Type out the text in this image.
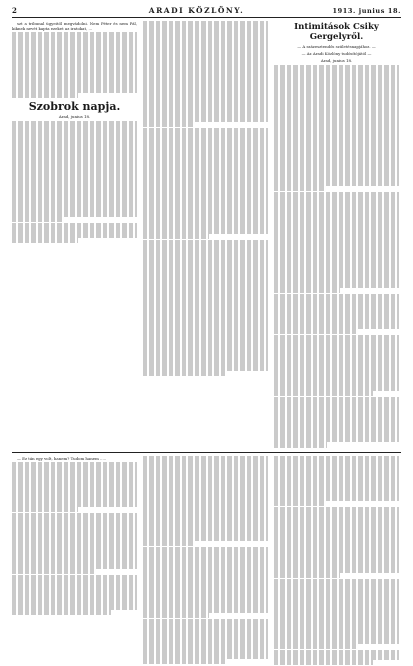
2	ARADI KÖZLÖNY.	1913. junius 18.

szt a tribunal ügyeitől megvádolni. Nem Péter és nem Pál, kiknek nevét kapta ezeket az iratokat, ...

Szobrok napja.
Arad, junius 18.
Intimitások Csiky Gergelyről.
— A százesztendős születésnapjához. —
— Az Aradi Közlöny tudósítójától —
Arad, junius 18.

— Ez tán egy volt, hanem? Tudom hanem .....
